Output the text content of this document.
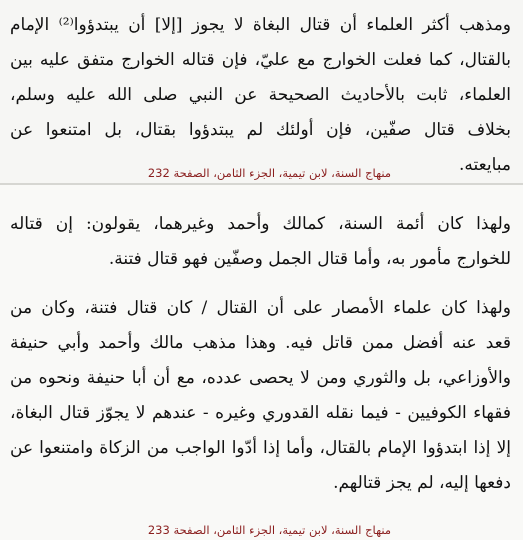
ومذهب أكثر العلماء أن قتال البغاة لا يجوز [إلا] أن يبتدؤوا⁽²⁾ الإمام
بالقتال، كما فعلت الخوارج مع عليّ، فإن قتاله الخوارج متفق عليه بين
العلماء، ثابت بالأحاديث الصحيحة عن النبي صلى الله عليه وسلم،
بخلاف قتال صفّين، فإن أولئك لم يبتدؤوا بقتال، بل امتنعوا عن
مبايعته.
منهاج السنة، لابن تيمية، الجزء الثامن، الصفحة 232
ولهذا كان أئمة السنة، كمالك وأحمد وغيرهما، يقولون: إن قتاله
للخوارج مأمور به، وأما قتال الجمل وصفّين فهو قتال فتنة.
ولهذا كان علماء الأمصار على أن القتال / كان قتال فتنة، وكان من
قعد عنه أفضل ممن قاتل فيه. وهذا مذهب مالك وأحمد وأبي حنيفة
والأوزاعي، بل والثوري ومن لا يحصى عدده، مع أن أبا حنيفة ونحوه من
فقهاء الكوفيين - فيما نقله القدوري وغيره - عندهم لا يجوّز قتال البغاة،
إلا إذا ابتدؤوا الإمام بالقتال، وأما إذا أدّوا الواجب من الزكاة وامتنعوا عن
دفعها إليه، لم يجز قتالهم.
منهاج السنة، لابن تيمية، الجزء الثامن، الصفحة 233
